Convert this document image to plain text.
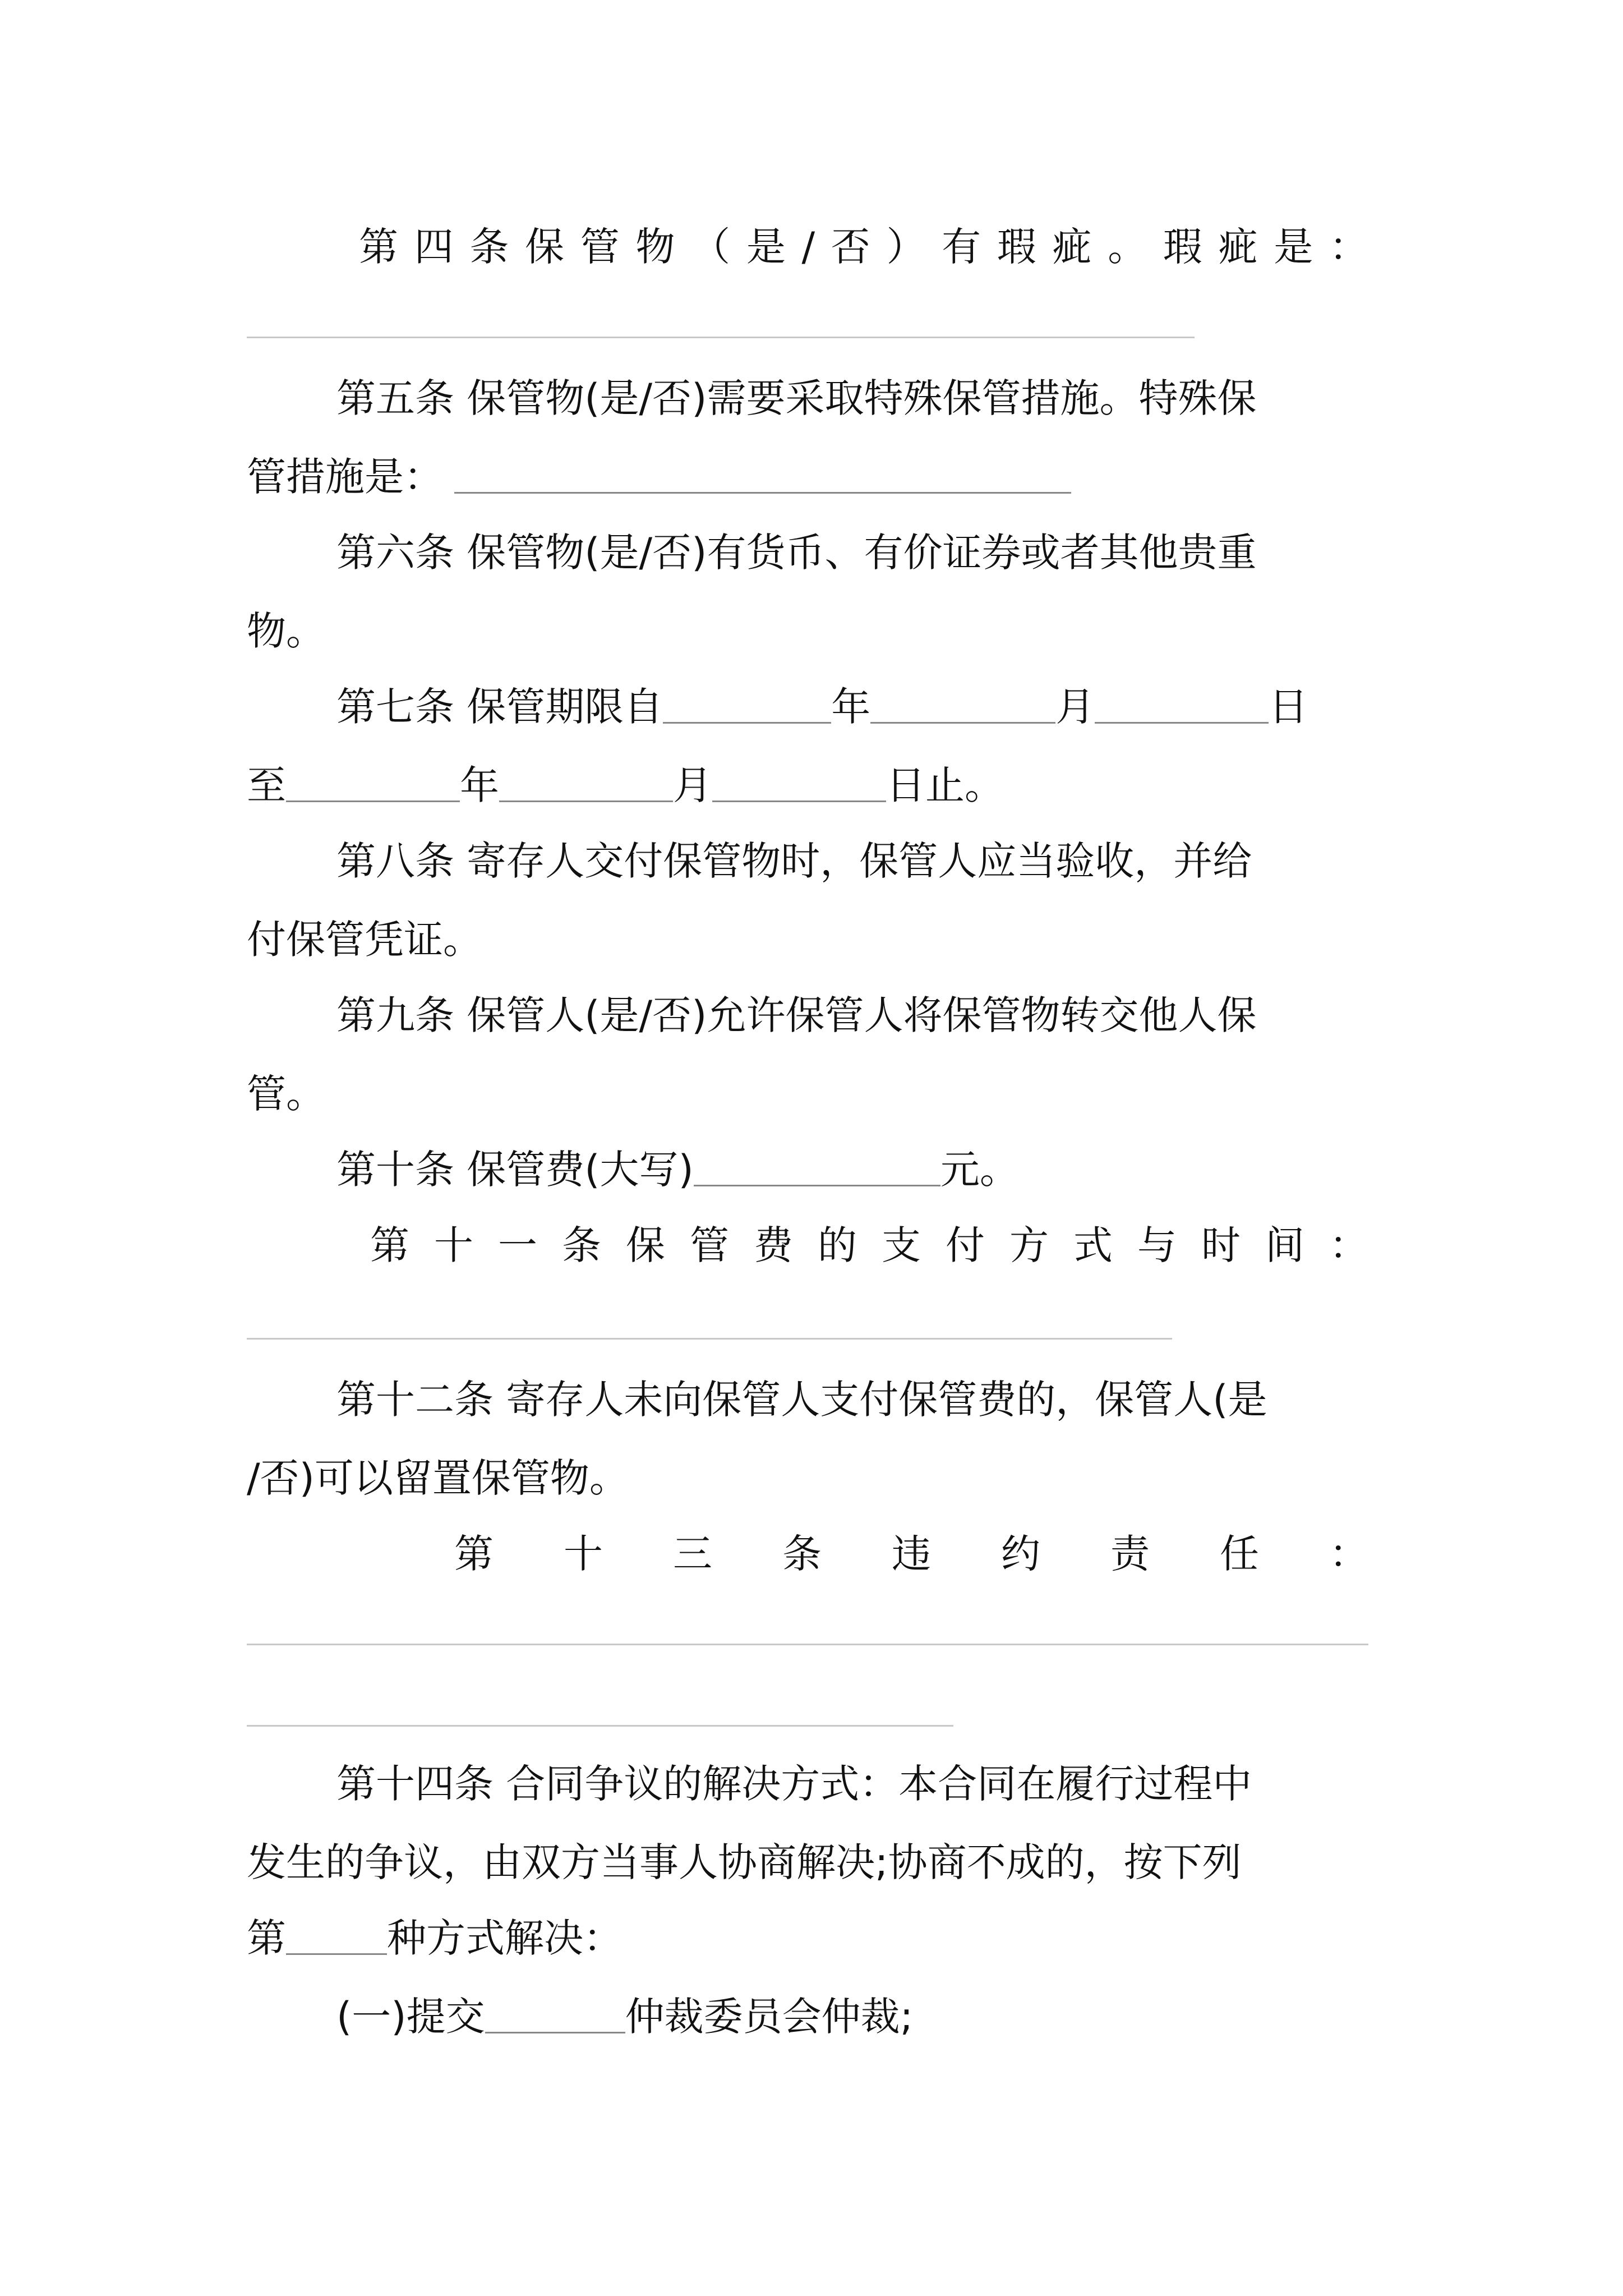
第 四 条 保 管 物 （ 是 / 否 ） 有 瑕 疵 。 瑕 疵 是 ：

第五条 保管物(是/否)需要采取特殊保管措施。特殊保

管措施是：

第六条 保管物(是/否)有货币、有价证券或者其他贵重

物。

第七条 保管期限自	年	月	日

至	年	月	日止。

第八条 寄存人交付保管物时，保管人应当验收，并给

付保管凭证。

第九条 保管人(是/否)允许保管人将保管物转交他人保

管。

第十条 保管费(大写)	元。

第 十 一 条 保 管 费 的 支 付 方 式 与 时 间 ：

第十二条 寄存人未向保管人支付保管费的，保管人(是

/否)可以留置保管物。

第 十 三 条 违 约 责 任 ：

第十四条 合同争议的解决方式：本合同在履行过程中

发生的争议，由双方当事人协商解决;协商不成的，按下列

第	种方式解决：

(一)提交	仲裁委员会仲裁;
